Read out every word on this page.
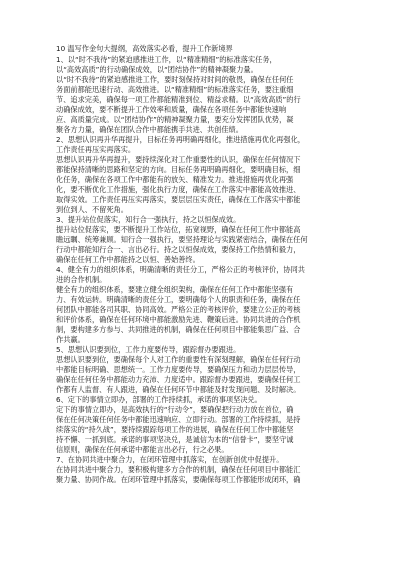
10 温写作金句大提纲，高效落实必看，提升工作新境界
1、以“时不我待”的紧迫感推进工作，以“精准精细”的标准落实任务，
以“高效高质”的行动确保成效，以“团结协作”的精神凝聚力量。
以“时不我待”的紧迫感推进工作，要时刻保持对时间的敬畏，确保在任何任
务面前都能迅速行动、高效推进。以“精准精细”的标准落实任务，要注重细
节、追求完美，确保每一项工作都能精准到位、精益求精。以“高效高质”的行
动确保成效，要不断提升工作效率和质量，确保在各项任务中都能快速响
应、高质量完成。以“团结协作”的精神凝聚力量，要充分发挥团队优势，凝
聚各方力量，确保在团队合作中都能携手共进、共创佳绩。
2、思想认识再升华再提升，目标任务再明确再细化，推进措施再优化再强化，
工作责任再压实再落实。
思想认识再升华再提升，要持续深化对工作重要性的认识，确保在任何情况下
都能保持清晰的思路和坚定的方向。目标任务再明确再细化，要明确目标，细
化任务，确保在各项工作中都能有的放矢、精准发力。推进措施再优化再强
化，要不断优化工作措施，强化执行力度，确保在工作落实中都能高效推进、
取得实效。工作责任再压实再落实，要层层压实责任，确保在工作落实中都能
到位到人、不留死角。
3、提升站位促落实，知行合一强执行，持之以恒保成效。
提升站位促落实，要不断提升工作站位，拓宽视野，确保在任何工作中都能高
瞻远瞩、统筹兼顾。知行合一强执行，要坚持理论与实践紧密结合，确保在任何
行动中都能知行合一、言出必行。持之以恒保成效，要保持工作热情和毅力，
确保在任何工作中都能持之以恒、善始善终。
4、健全有力的组织体系，明确清晰的责任分工，严格公正的考核评价，协同共
进的合作机制。
健全有力的组织体系，要建立健全组织架构，确保在任何工作中都能坚强有
力、有效运转。明确清晰的责任分工，要明确每个人的职责和任务，确保在任
何团队中都能各司其职、协同高效。严格公正的考核评价，要建立公正的考核
和评价体系，确保在任何环境中都能激励先进、鞭策后进。协同共进的合作机
制，要构建多方参与、共同推进的机制，确保在任何项目中都能集思广益、合
作共赢。
5、思想认识要到位，工作力度要传导，跟踪督办要跟进。
思想认识要到位，要确保每个人对工作的重要性有深刻理解，确保在任何行动
中都能目标明确、思想统一。工作力度要传导，要确保压力和动力层层传导，
确保在任何任务中都能动力充沛、力度适中。跟踪督办要跟进，要确保任何工
作都有人监督、有人跟进，确保在任何环节中都能及时发现问题、及时解决。
6、定下的事情立即办，部署的工作持续抓，承诺的事项坚决兑。
定下的事情立即办，是高效执行的“行动令”，要确保把行动力放在首位，确
保在任何决策任何任务中都能迅速响应、立即行动。部署的工作持续抓，是持
续落实的“持久战”，要持续跟踪每项工作的进展，确保在任何工作中都能坚
持不懈、一抓到底。承诺的事项坚决兑，是诚信为本的“信誉卡”，要坚守诚
信原则，确保在任何承诺中都能言出必行，行之必果。
7、在协同共进中聚合力，在闭环管理中抓落实，在创新创优中促提升。
在协同共进中聚合力，要积极构建多方合作的机制，确保在任何项目中都能汇
聚力量、协同作战。在闭环管理中抓落实，要确保每项工作都能形成闭环，确
